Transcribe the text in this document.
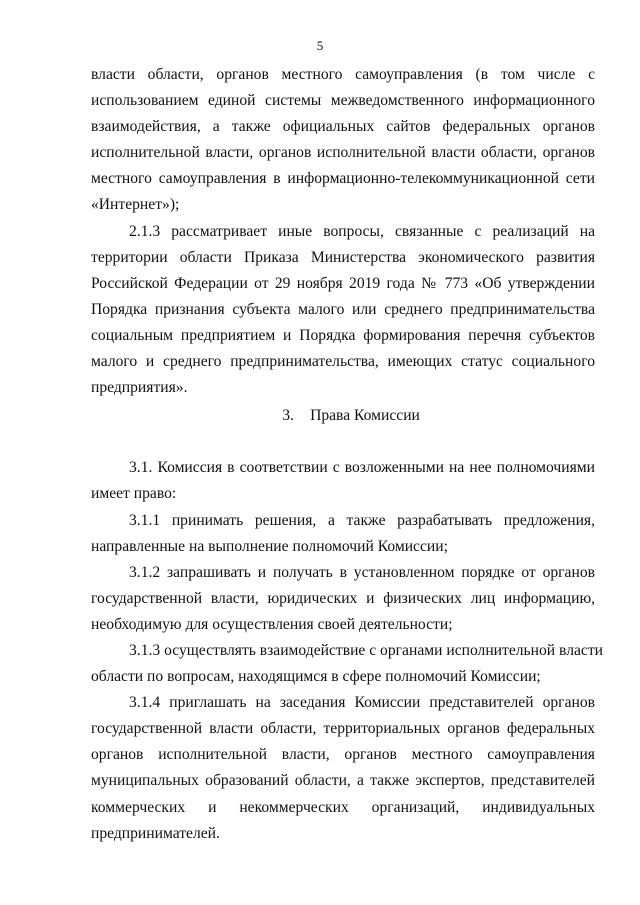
5
власти области, органов местного самоуправления (в том числе с
использованием единой системы межведомственного информационного
взаимодействия, а также официальных сайтов федеральных органов
исполнительной власти, органов исполнительной власти области, органов
местного самоуправления в информационно-телекоммуникационной сети
«Интернет»);
2.1.3 рассматривает иные вопросы, связанные с реализаций на
территории области Приказа Министерства экономического развития
Российской Федерации от 29 ноября 2019 года № 773 «Об утверждении
Порядка признания субъекта малого или среднего предпринимательства
социальным предприятием и Порядка формирования перечня субъектов
малого и среднего предпринимательства, имеющих статус социального
предприятия».
3. Права Комиссии
3.1. Комиссия в соответствии с возложенными на нее полномочиями
имеет право:
3.1.1 принимать решения, а также разрабатывать предложения,
направленные на выполнение полномочий Комиссии;
3.1.2 запрашивать и получать в установленном порядке от органов
государственной власти, юридических и физических лиц информацию,
необходимую для осуществления своей деятельности;
3.1.3 осуществлять взаимодействие с органами исполнительной власти
области по вопросам, находящимся в сфере полномочий Комиссии;
3.1.4 приглашать на заседания Комиссии представителей органов
государственной власти области, территориальных органов федеральных
органов исполнительной власти, органов местного самоуправления
муниципальных образований области, а также экспертов, представителей
коммерческих и некоммерческих организаций, индивидуальных
предпринимателей.
